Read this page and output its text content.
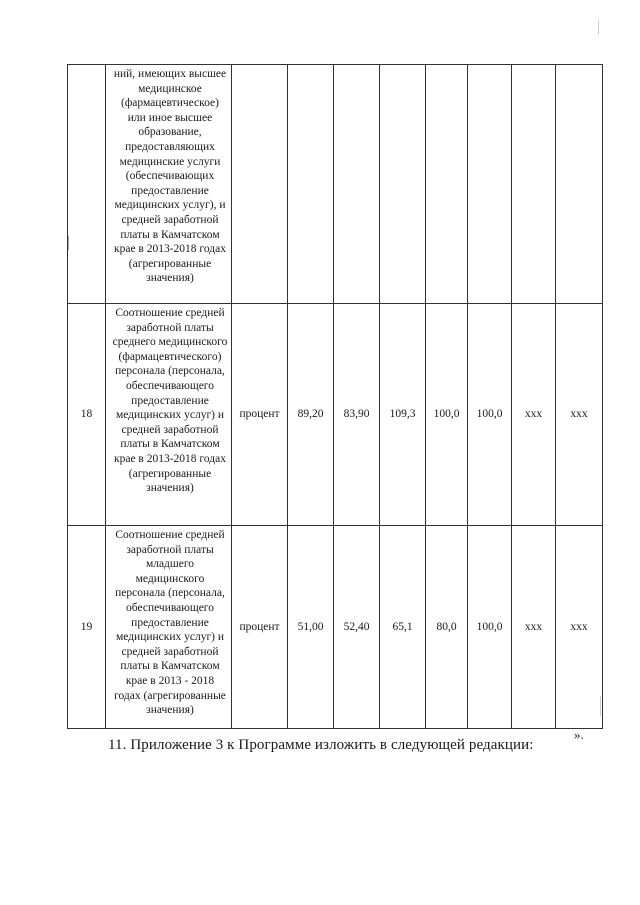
	ний, имеющих высшее медицинское (фармацевтическое) или иное высшее образование, предоставляющих медицинские услуги (обеспечивающих предоставление медицинских услуг), и средней заработной платы в Камчатском крае в 2013-2018 годах (агрегированные значения)								
18	Соотношение средней заработной платы среднего медицинского (фармацевтического) персонала (персонала, обеспечивающего предоставление медицинских услуг) и средней заработной платы в Камчатском крае в 2013-2018 годах (агрегированные значения)	процент	89,20	83,90	109,3	100,0	100,0	ххх	ххх
19	Соотношение средней заработной платы младшего медицинского персонала (персонала, обеспечивающего предоставление медицинских услуг) и средней заработной платы в Камчатском крае в 2013 - 2018 годах (агрегированные значения)	процент	51,00	52,40	65,1	80,0	100,0	ххх	ххх
».
11. Приложение 3 к Программе изложить в следующей редакции:
